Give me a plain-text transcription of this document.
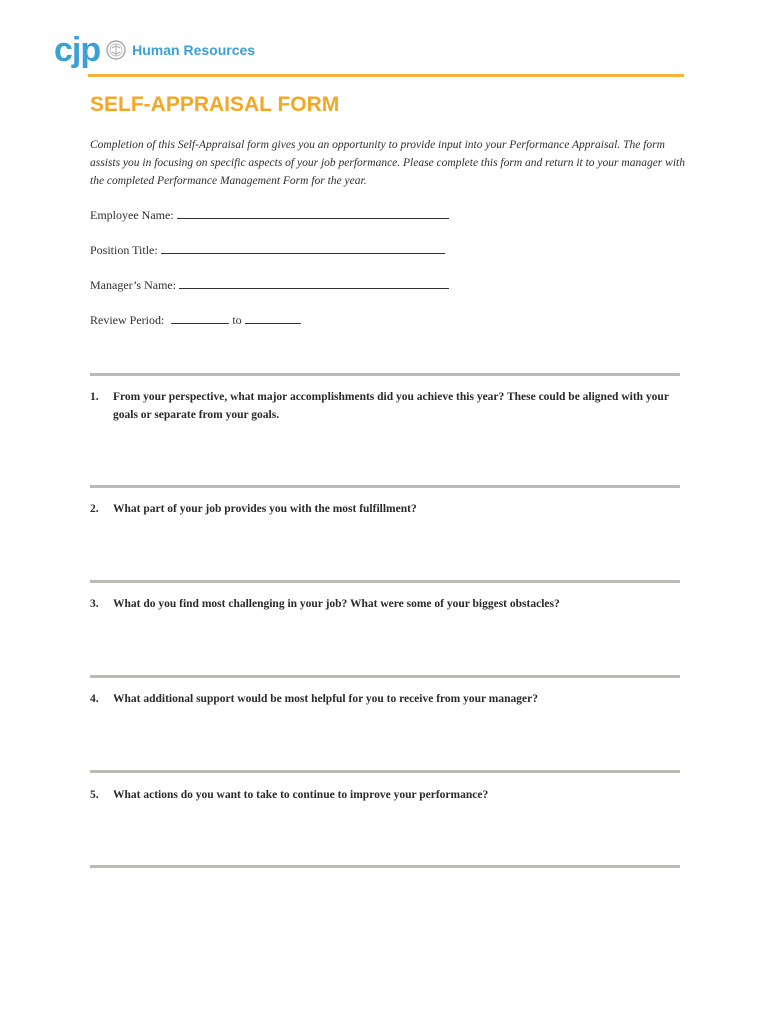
cjp Human Resources
SELF-APPRAISAL FORM

Completion of this Self-Appraisal form gives you an opportunity to provide input into your Performance Appraisal. The form assists you in focusing on specific aspects of your job performance. Please complete this form and return it to your manager with the completed Performance Management Form for the year.

Employee Name:
Position Title:
Manager’s Name:
Review Period:	to
1.	From your perspective, what major accomplishments did you achieve this year? These could be aligned with your goals or separate from your goals.
2.	What part of your job provides you with the most fulfillment?
3.	What do you find most challenging in your job? What were some of your biggest obstacles?
4.	What additional support would be most helpful for you to receive from your manager?
5.	What actions do you want to take to continue to improve your performance?
